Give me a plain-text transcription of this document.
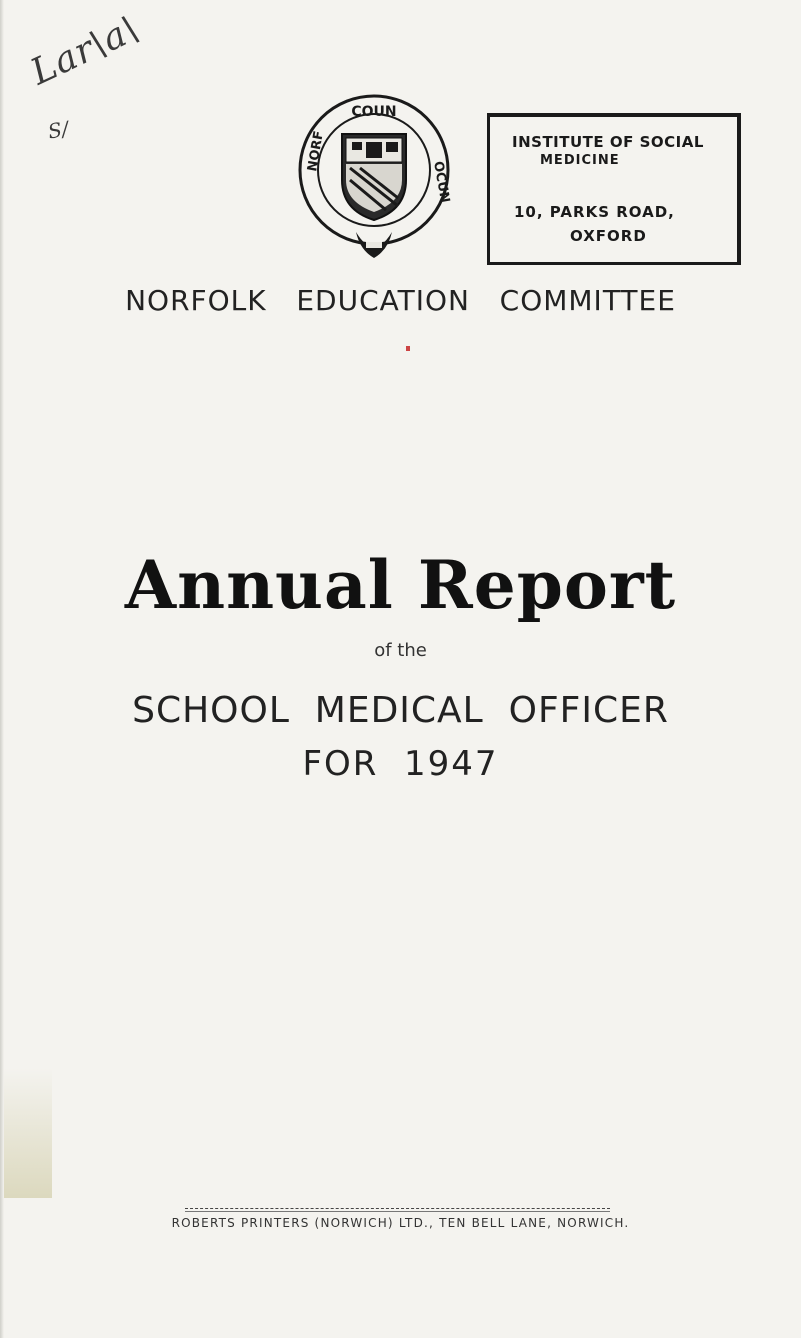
Lar\a\
S/
COUN
NORF
OCUN
INSTITUTE OF SOCIAL
MEDICINE
10, PARKS ROAD,
OXFORD
NORFOLK   EDUCATION   COMMITTEE
Annual Report
of the
SCHOOL  MEDICAL  OFFICER
FOR  1947
ROBERTS PRINTERS (NORWICH) LTD., TEN BELL LANE, NORWICH.
